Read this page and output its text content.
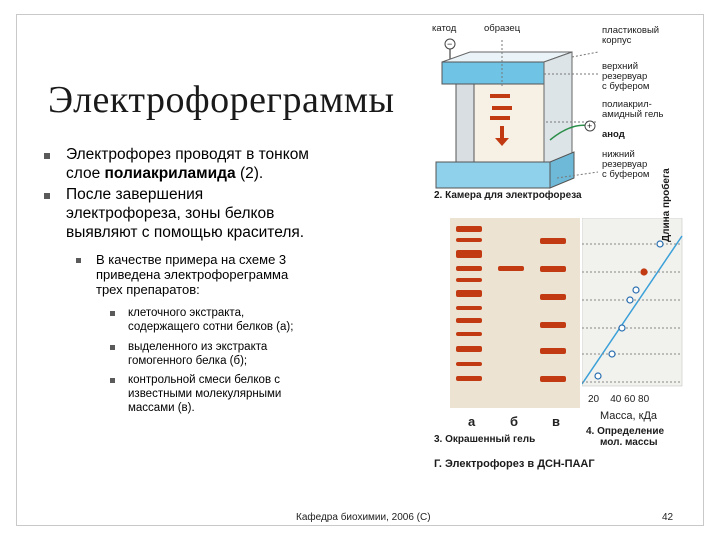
Электрофореграммы
Электрофорез проводят в тонком
слое полиакриламида (2).
После завершения
электрофореза, зоны белков
выявляют с помощью красителя.
В качестве примера на схеме 3
приведена электрофореграмма
трех препаратов:
клеточного экстракта,
содержащего сотни белков (а);
выделенного из экстракта
гомогенного белка (б);
контрольной смеси белков с
известными молекулярными
массами (в).
катод
−
образец	пластиковый
корпус
верхний
резервуар
с буфером
полиакрил-
амидный гель
+
анод
нижний
резервуар
с буфером
2. Камера для электрофореза
а	б	в
Длина пробега
20    40 60 80
Масса, кДа
3. Окрашенный гель
4. Определение
мол. массы
Г. Электрофорез в ДСН-ПААГ
Кафедра биохимии, 2006 (С)	42
